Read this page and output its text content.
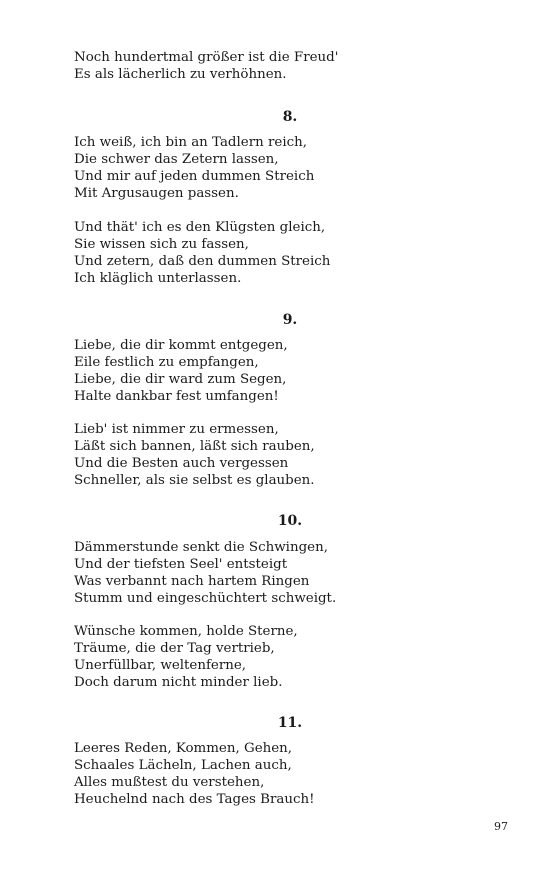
Noch hundertmal größer ist die Freud'
Es als lächerlich zu verhöhnen.
8.
Ich weiß, ich bin an Tadlern reich,
Die schwer das Zetern lassen,
Und mir auf jeden dummen Streich
Mit Argusaugen passen.
Und thät' ich es den Klügsten gleich,
Sie wissen sich zu fassen,
Und zetern, daß den dummen Streich
Ich kläglich unterlassen.
9.
Liebe, die dir kommt entgegen,
Eile festlich zu empfangen,
Liebe, die dir ward zum Segen,
Halte dankbar fest umfangen!
Lieb' ist nimmer zu ermessen,
Läßt sich bannen, läßt sich rauben,
Und die Besten auch vergessen
Schneller, als sie selbst es glauben.
10.
Dämmerstunde senkt die Schwingen,
Und der tiefsten Seel' entsteigt
Was verbannt nach hartem Ringen
Stumm und eingeschüchtert schweigt.
Wünsche kommen, holde Sterne,
Träume, die der Tag vertrieb,
Unerfüllbar, weltenferne,
Doch darum nicht minder lieb.
11.
Leeres Reden, Kommen, Gehen,
Schaales Lächeln, Lachen auch,
Alles mußtest du verstehen,
Heuchelnd nach des Tages Brauch!
97
